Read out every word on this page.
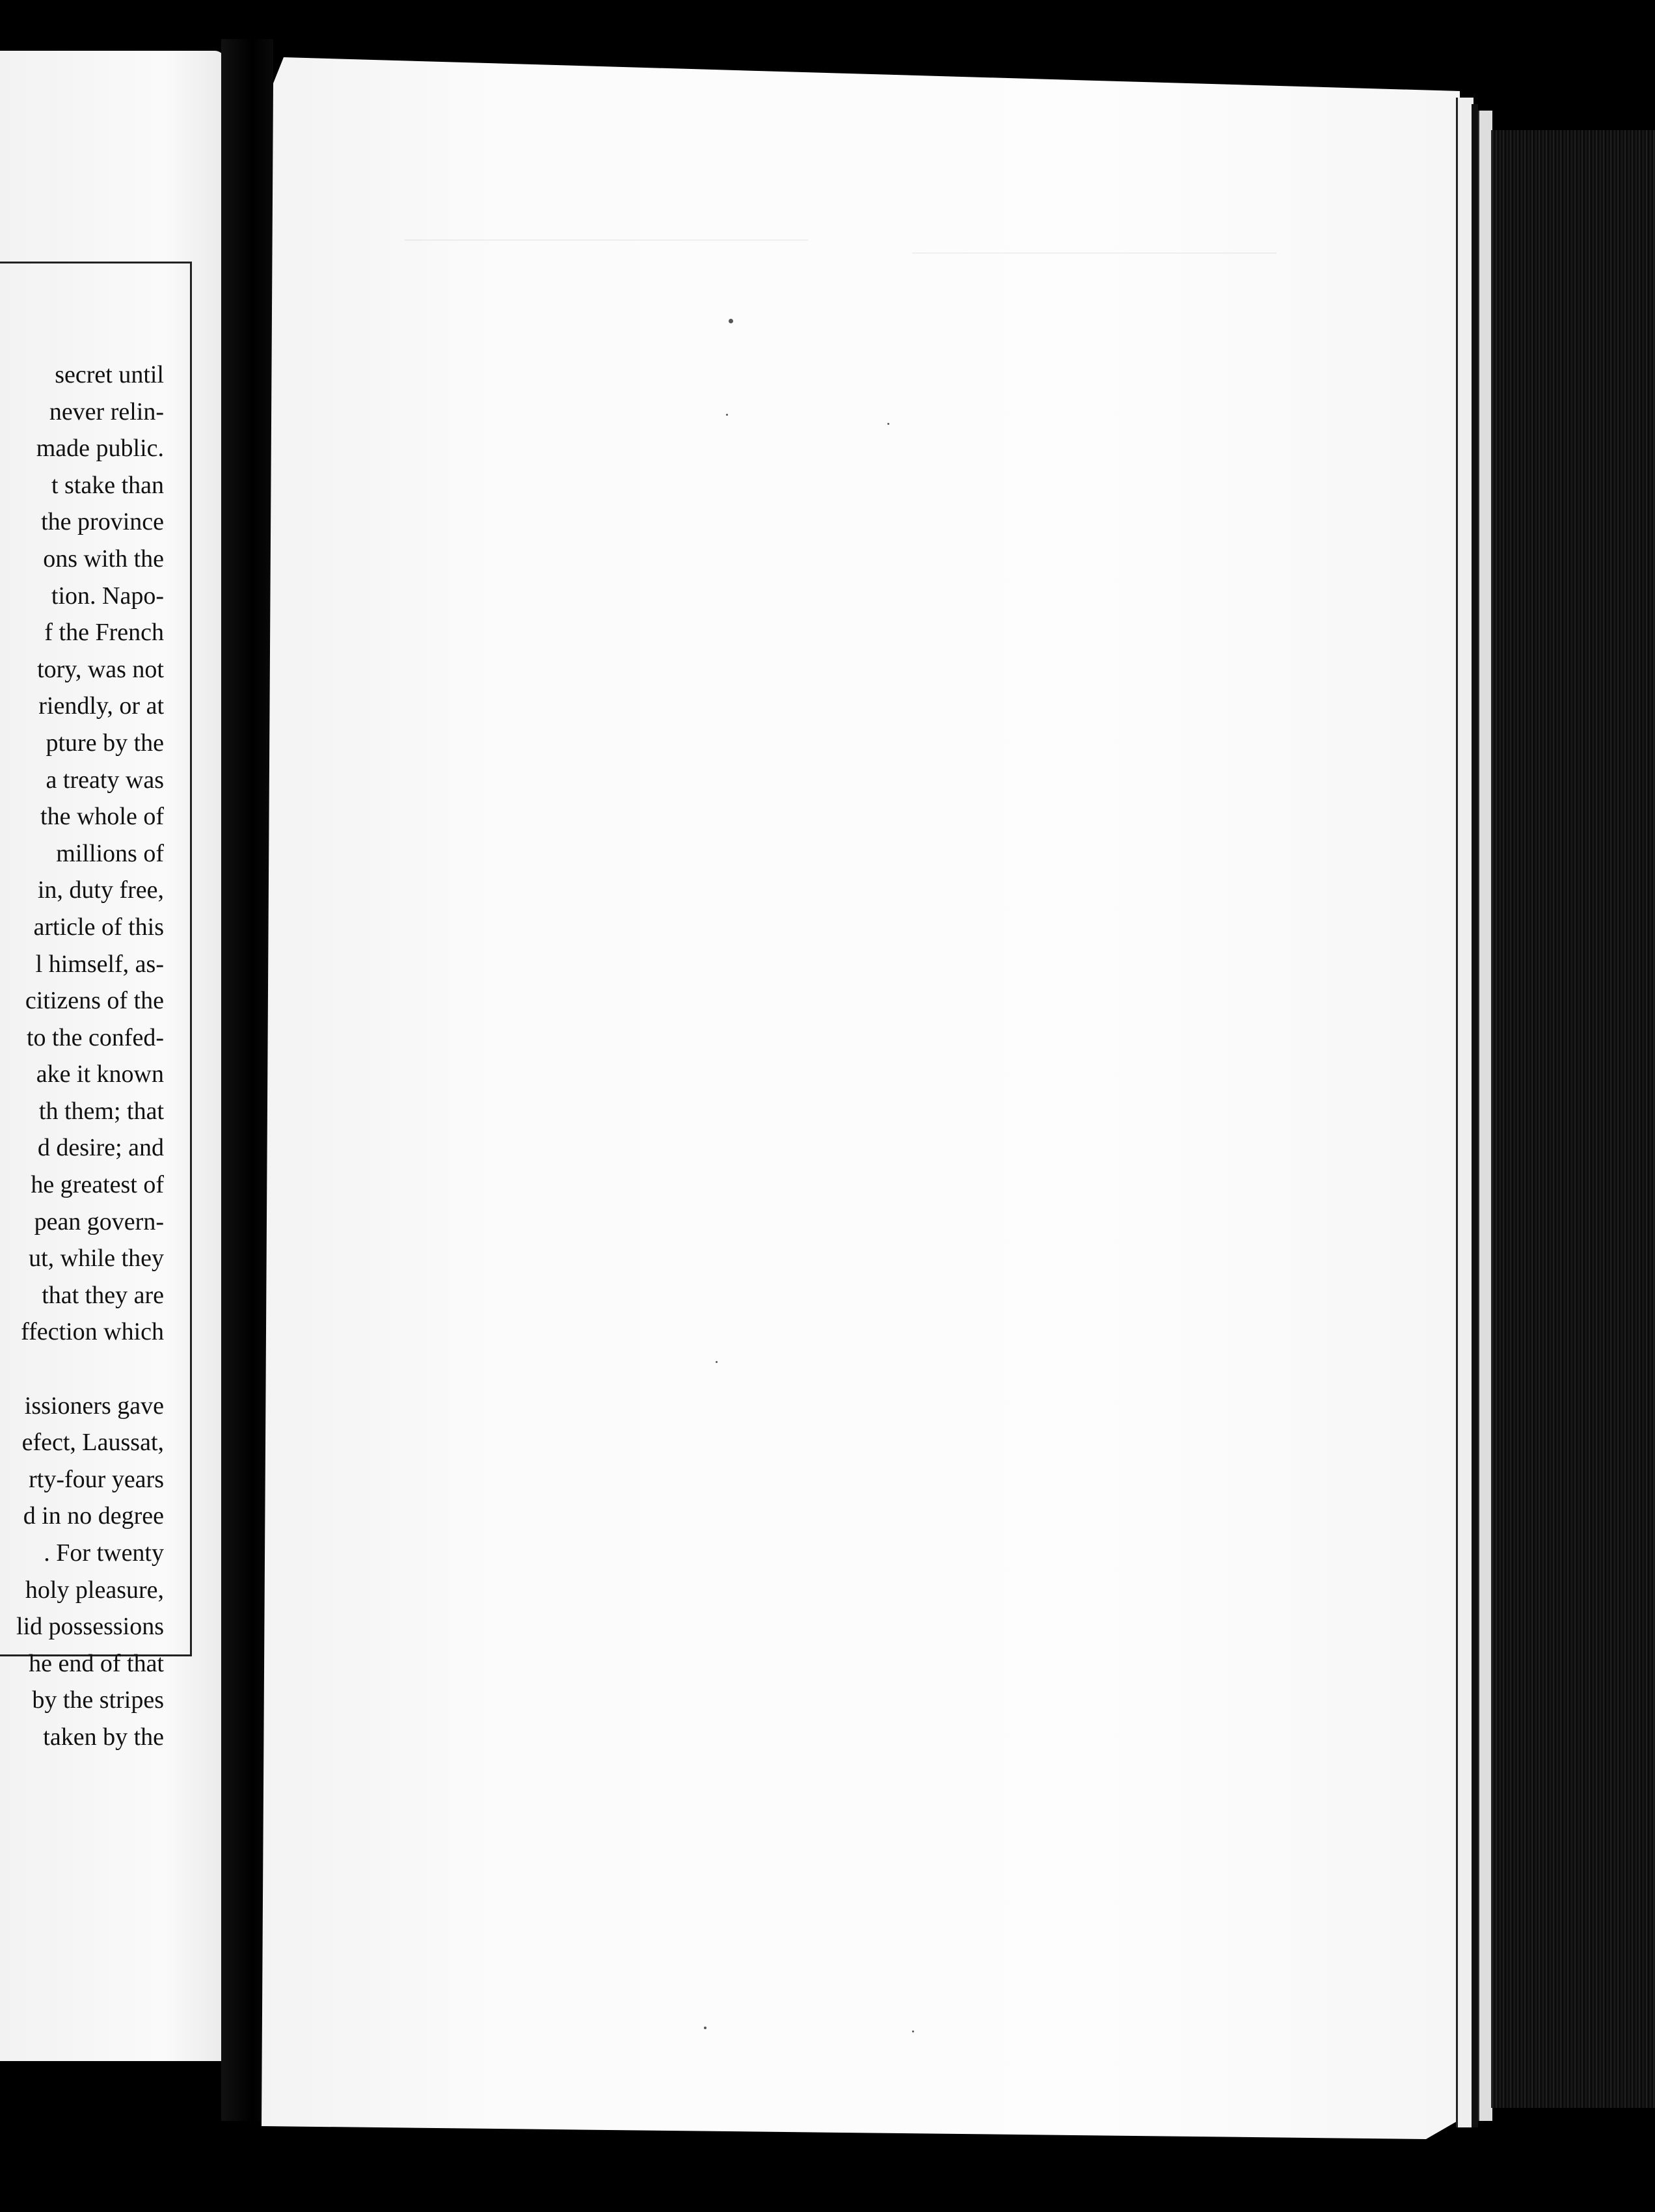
secret until
never relin-
made public.
t stake than
the province
ons with the
tion. Napo-
f the French
tory, was not
riendly, or at
pture by the
a treaty was
the whole of
millions of
in, duty free,
article of this
l himself, as-
citizens of the
to the confed-
ake it known
th them; that
d desire; and
he greatest of
pean govern-
ut, while they
that they are
ffection which
issioners gave
efect, Laussat,
rty-four years
d in no degree
. For twenty
holy pleasure,
lid possessions
he end of that
by the stripes
taken by the
